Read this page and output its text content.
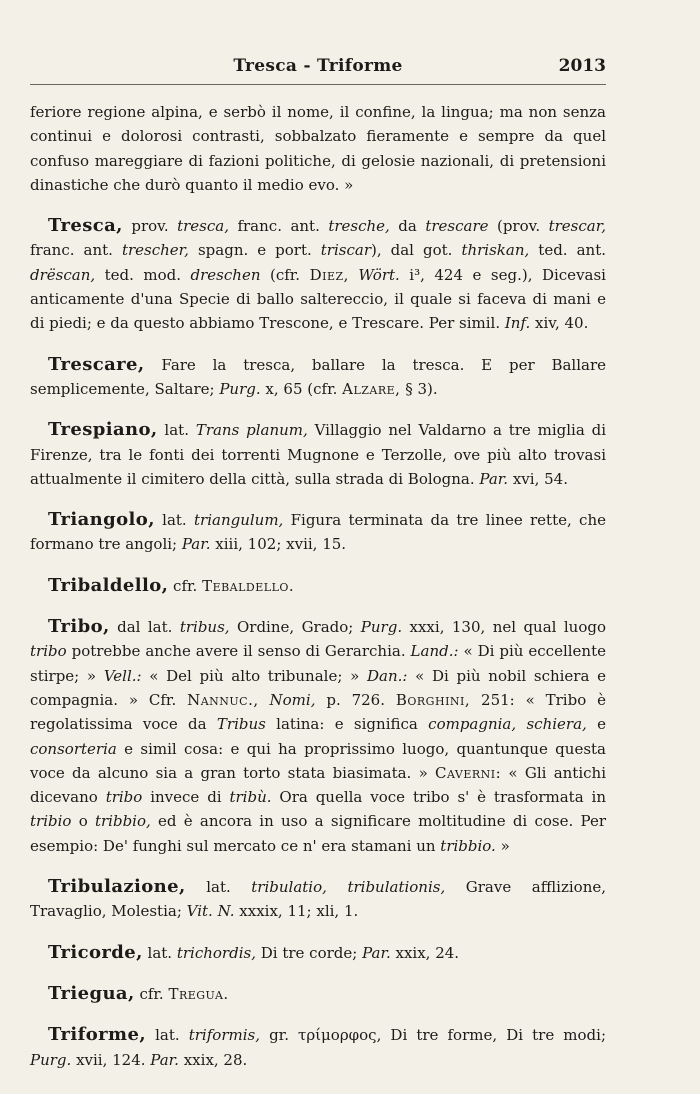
Tresca - Triforme	2013

feriore regione alpina, e serbò il nome, il confine, la lingua; ma non senza continui e dolorosi contrasti, sobbalzato fieramente e sempre da quel confuso mareggiare di fazioni politiche, di gelosie nazionali, di pretensioni dinastiche che durò quanto il medio evo. »

Tresca, prov. tresca, franc. ant. tresche, da trescare (prov. trescar, franc. ant. trescher, spagn. e port. triscar), dal got. thriskan, ted. ant. drëscan, ted. mod. dreschen (cfr. Diez, Wört. i³, 424 e seg.), Dicevasi anticamente d'una Specie di ballo saltereccio, il quale si faceva di mani e di piedi; e da questo abbiamo Trescone, e Trescare. Per simil. Inf. xiv, 40.

Trescare, Fare la tresca, ballare la tresca. E per Ballare semplicemente, Saltare; Purg. x, 65 (cfr. Alzare, § 3).

Trespiano, lat. Trans planum, Villaggio nel Valdarno a tre miglia di Firenze, tra le fonti dei torrenti Mugnone e Terzolle, ove più alto trovasi attualmente il cimitero della città, sulla strada di Bologna. Par. xvi, 54.

Triangolo, lat. triangulum, Figura terminata da tre linee rette, che formano tre angoli; Par. xiii, 102; xvii, 15.

Tribaldello, cfr. Tebaldello.

Tribo, dal lat. tribus, Ordine, Grado; Purg. xxxi, 130, nel qual luogo tribo potrebbe anche avere il senso di Gerarchia. Land.: « Di più eccellente stirpe; » Vell.: « Del più alto tribunale; » Dan.: « Di più nobil schiera e compagnia. » Cfr. Nannuc., Nomi, p. 726. Borghini, 251: « Tribo è regolatissima voce da Tribus latina: e significa compagnia, schiera, e consorteria e simil cosa: e qui ha proprissimo luogo, quantunque questa voce da alcuno sia a gran torto stata biasimata. » Caverni: « Gli antichi dicevano tribo invece di tribù. Ora quella voce tribo s' è trasformata in tribio o tribbio, ed è ancora in uso a significare moltitudine di cose. Per esempio: De' funghi sul mercato ce n' era stamani un tribbio. »

Tribulazione, lat. tribulatio, tribulationis, Grave afflizione, Travaglio, Molestia; Vit. N. xxxix, 11; xli, 1.

Tricorde, lat. trichordis, Di tre corde; Par. xxix, 24.

Triegua, cfr. Tregua.

Triforme, lat. triformis, gr. τρίμορφος, Di tre forme, Di tre modi; Purg. xvii, 124. Par. xxix, 28.
